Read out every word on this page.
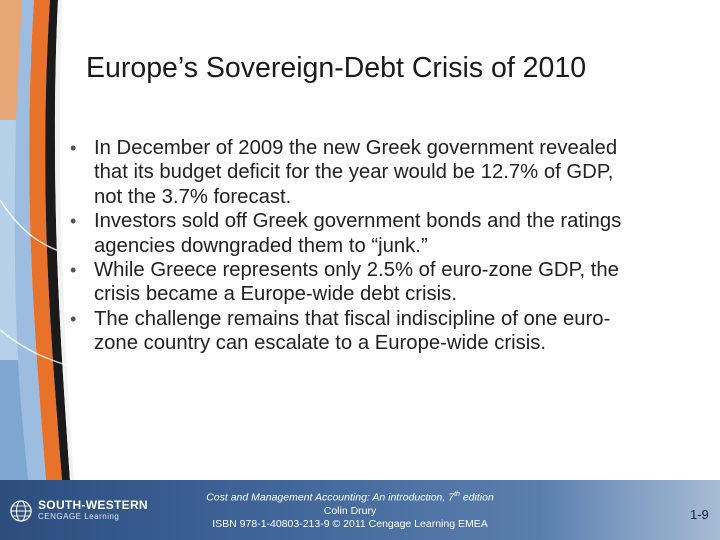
Europe’s Sovereign-Debt Crisis of 2010
• In December of 2009 the new Greek government revealed
that its budget deficit for the year would be 12.7% of GDP,
not the 3.7% forecast.
• Investors sold off Greek government bonds and the ratings
agencies downgraded them to “junk.”
• While Greece represents only 2.5% of euro-zone GDP, the
crisis became a Europe-wide debt crisis.
• The challenge remains that fiscal indiscipline of one euro-
zone country can escalate to a Europe-wide crisis.
SOUTH-WESTERN
CENGAGE Learning
Cost and Management Accounting: An introduction, 7th edition
Colin Drury
ISBN 978-1-40803-213-9 © 2011 Cengage Learning EMEA
1-9
